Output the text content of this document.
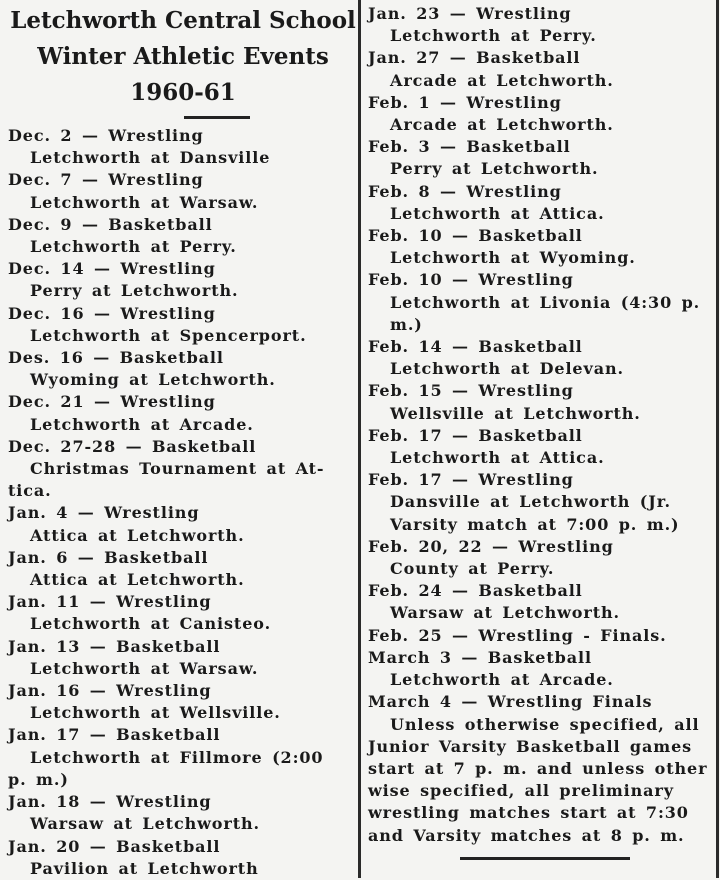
Letchworth Central School
Winter Athletic Events
1960-61
Dec. 2 — Wrestling
Letchworth at Dansville
Dec. 7 — Wrestling
Letchworth at Warsaw.
Dec. 9 — Basketball
Letchworth at Perry.
Dec. 14 — Wrestling
Perry at Letchworth.
Dec. 16 — Wrestling
Letchworth at Spencerport.
Des. 16 — Basketball
Wyoming at Letchworth.
Dec. 21 — Wrestling
Letchworth at Arcade.
Dec. 27-28 — Basketball
Christmas Tournament at At-
tica.
Jan. 4 — Wrestling
Attica at Letchworth.
Jan. 6 — Basketball
Attica at Letchworth.
Jan. 11 — Wrestling
Letchworth at Canisteo.
Jan. 13 — Basketball
Letchworth at Warsaw.
Jan. 16 — Wrestling
Letchworth at Wellsville.
Jan. 17 — Basketball
Letchworth at Fillmore (2:00
p. m.)
Jan. 18 — Wrestling
Warsaw at Letchworth.
Jan. 20 — Basketball
Pavilion at Letchworth
Jan. 23 — Wrestling
Letchworth at Perry.
Jan. 27 — Basketball
Arcade at Letchworth.
Feb. 1 — Wrestling
Arcade at Letchworth.
Feb. 3 — Basketball
Perry at Letchworth.
Feb. 8 — Wrestling
Letchworth at Attica.
Feb. 10 — Basketball
Letchworth at Wyoming.
Feb. 10 — Wrestling
Letchworth at Livonia (4:30 p.
m.)
Feb. 14 — Basketball
Letchworth at Delevan.
Feb. 15 — Wrestling
Wellsville at Letchworth.
Feb. 17 — Basketball
Letchworth at Attica.
Feb. 17 — Wrestling
Dansville at Letchworth (Jr.
Varsity match at 7:00 p. m.)
Feb. 20, 22 — Wrestling
County at Perry.
Feb. 24 — Basketball
Warsaw at Letchworth.
Feb. 25 — Wrestling - Finals.
March 3 — Basketball
Letchworth at Arcade.
March 4 — Wrestling Finals
Unless otherwise specified, all
Junior Varsity Basketball games
start at 7 p. m. and unless other
wise specified, all preliminary
wrestling matches start at 7:30
and Varsity matches at 8 p. m.
